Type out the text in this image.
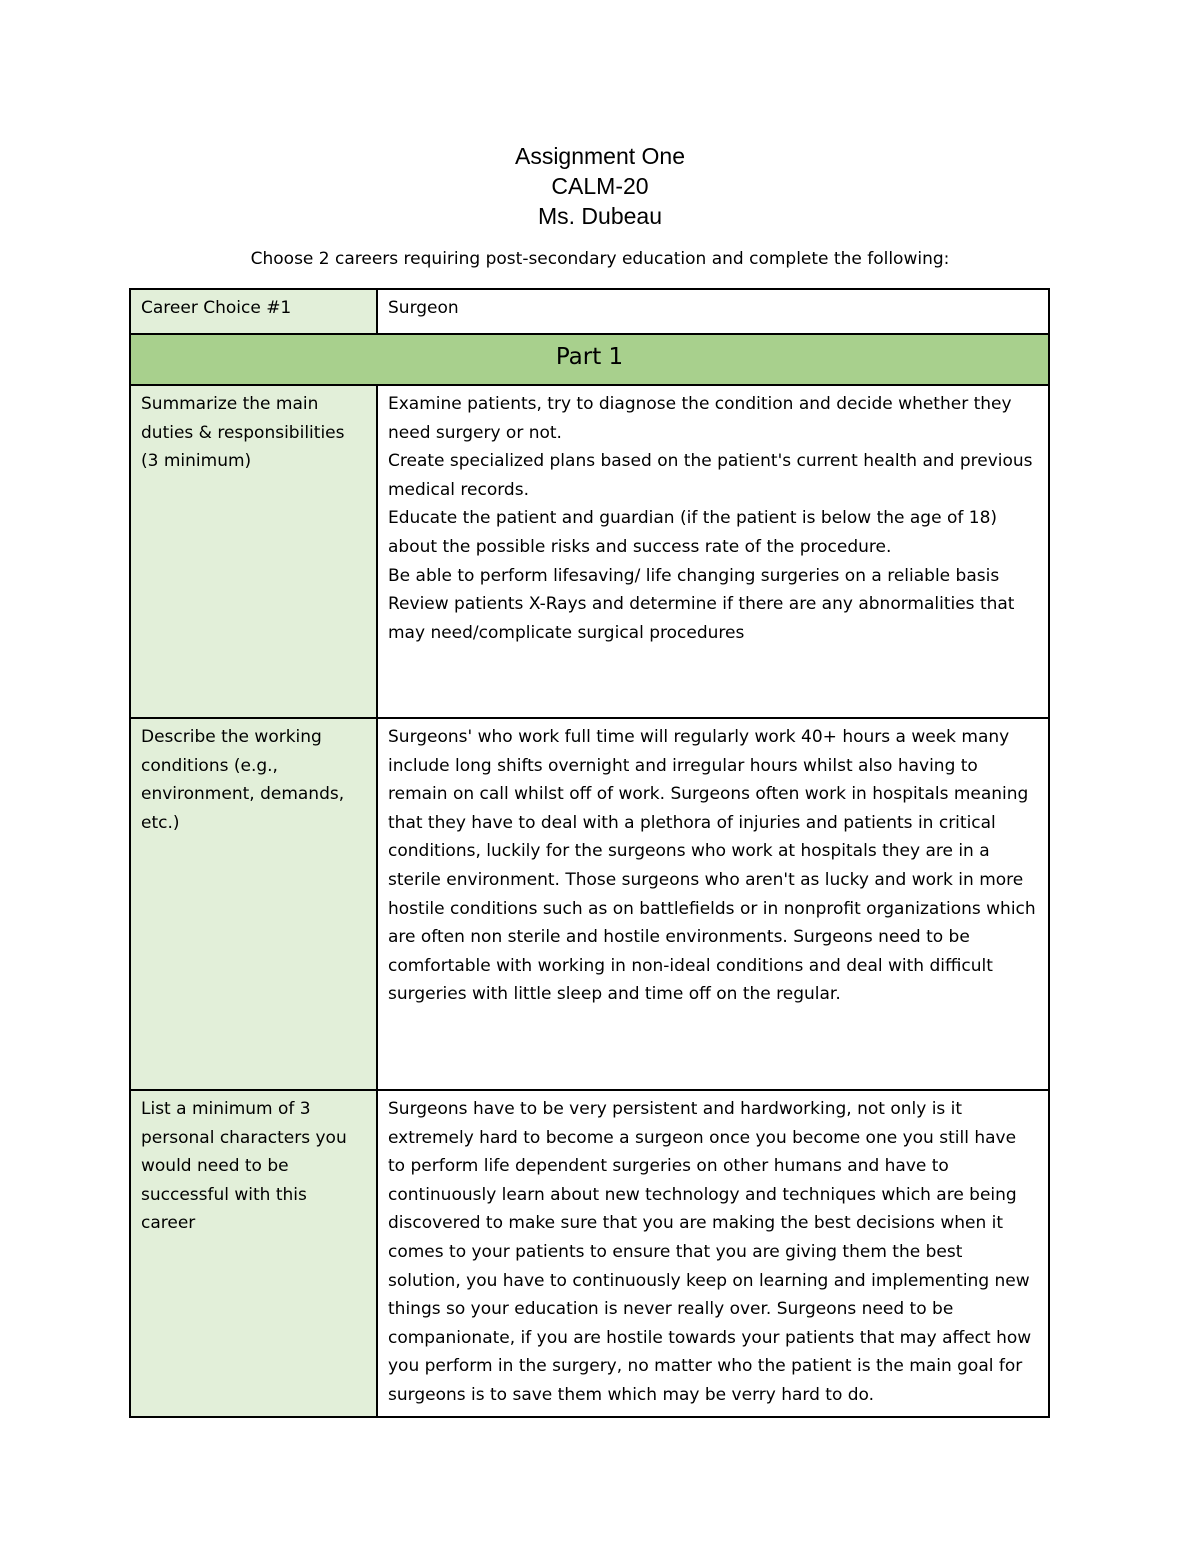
Assignment One
CALM-20
Ms. Dubeau
Choose 2 careers requiring post-secondary education and complete the following:
Career Choice #1	Surgeon
Part 1	
Summarize the main duties & responsibilities (3 minimum)	Examine patients, try to diagnose the condition and decide whether they need surgery or not.

Create specialized plans based on the patient's current health and previous medical records.

Educate the patient and guardian (if the patient is below the age of 18) about the possible risks and success rate of the procedure.

Be able to perform lifesaving/ life changing surgeries on a reliable basis

Review patients X-Rays and determine if there are any abnormalities that may need/complicate surgical procedures

Describe the working conditions (e.g., environment, demands, etc.)	Surgeons' who work full time will regularly work 40+ hours a week many include long shifts overnight and irregular hours whilst also having to remain on call whilst off of work. Surgeons often work in hospitals meaning that they have to deal with a plethora of injuries and patients in critical conditions, luckily for the surgeons who work at hospitals they are in a sterile environment. Those surgeons who aren't as lucky and work in more hostile conditions such as on battlefields or in nonprofit organizations which are often non sterile and hostile environments. Surgeons need to be comfortable with working in non-ideal conditions and deal with difficult surgeries with little sleep and time off on the regular.

List a minimum of 3 personal characters you would need to be successful with this career	Surgeons have to be very persistent and hardworking, not only is it extremely hard to become a surgeon once you become one you still have to perform life dependent surgeries on other humans and have to continuously learn about new technology and techniques which are being discovered to make sure that you are making the best decisions when it comes to your patients to ensure that you are giving them the best solution, you have to continuously keep on learning and implementing new things so your education is never really over. Surgeons need to be companionate, if you are hostile towards your patients that may affect how you perform in the surgery, no matter who the patient is the main goal for surgeons is to save them which may be verry hard to do.
